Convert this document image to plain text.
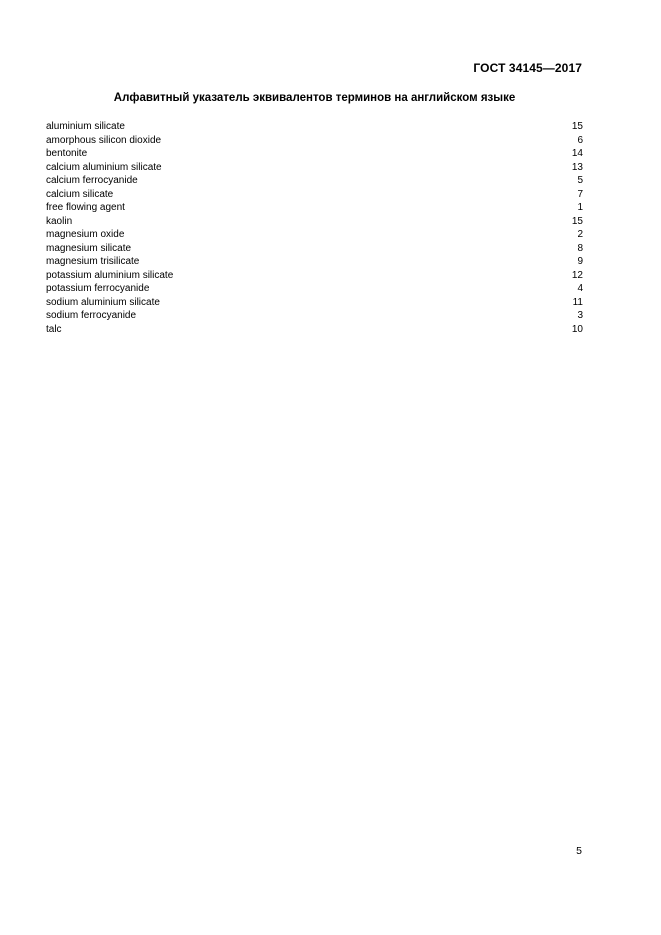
ГОСТ 34145—2017
Алфавитный указатель эквивалентов терминов на английском языке
aluminium silicate	15
amorphous silicon dioxide	6
bentonite	14
calcium aluminium silicate	13
calcium ferrocyanide	5
calcium silicate	7
free flowing agent	1
kaolin	15
magnesium oxide	2
magnesium silicate	8
magnesium trisilicate	9
potassium aluminium silicate	12
potassium ferrocyanide	4
sodium aluminium silicate	11
sodium ferrocyanide	3
talc	10
5
